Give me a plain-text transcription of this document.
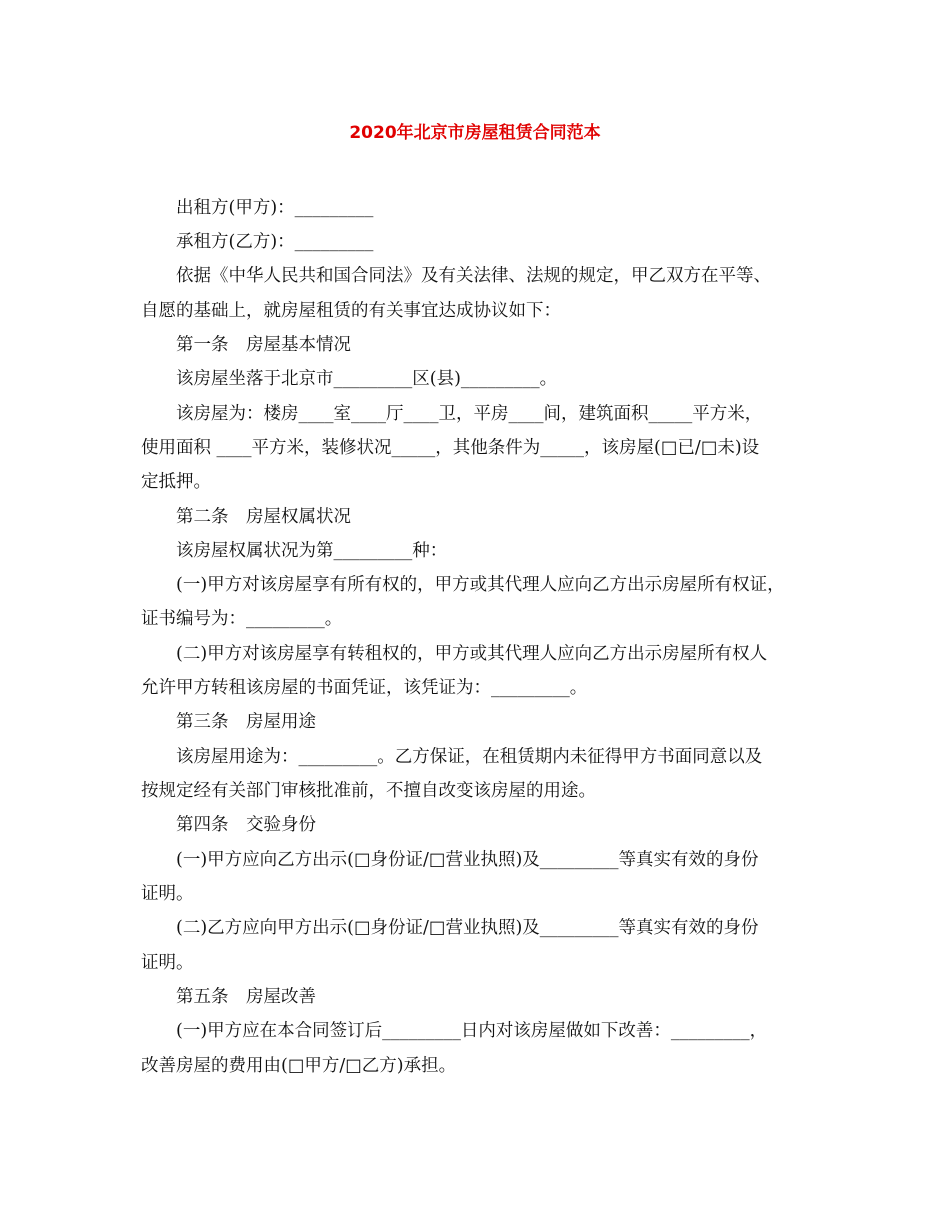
2020年北京市房屋租赁合同范本
出租方(甲方)：_________
承租方(乙方)：_________
依据《中华人民共和国合同法》及有关法律、法规的规定，甲乙双方在平等、
自愿的基础上，就房屋租赁的有关事宜达成协议如下：
第一条　房屋基本情况
该房屋坐落于北京市_________区(县)_________。
该房屋为：楼房____室____厅____卫，平房____间，建筑面积_____平方米，
使用面积 ____平方米，装修状况_____，其他条件为_____，该房屋(□已/□未)设
定抵押。
第二条　房屋权属状况
该房屋权属状况为第_________种：
(一)甲方对该房屋享有所有权的，甲方或其代理人应向乙方出示房屋所有权证，
证书编号为：_________。
(二)甲方对该房屋享有转租权的，甲方或其代理人应向乙方出示房屋所有权人
允许甲方转租该房屋的书面凭证，该凭证为：_________。
第三条　房屋用途
该房屋用途为：_________。乙方保证，在租赁期内未征得甲方书面同意以及
按规定经有关部门审核批准前，不擅自改变该房屋的用途。
第四条　交验身份
(一)甲方应向乙方出示(□身份证/□营业执照)及_________等真实有效的身份
证明。
(二)乙方应向甲方出示(□身份证/□营业执照)及_________等真实有效的身份
证明。
第五条　房屋改善
(一)甲方应在本合同签订后_________日内对该房屋做如下改善：_________，
改善房屋的费用由(□甲方/□乙方)承担。
